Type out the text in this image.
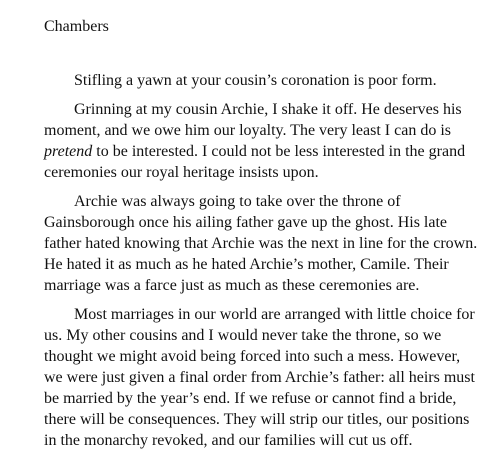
Chambers

Stifling a yawn at your cousin’s coronation is poor form.

Grinning at my cousin Archie, I shake it off. He deserves his moment, and we owe him our loyalty. The very least I can do is pretend to be interested. I could not be less interested in the grand ceremonies our royal heritage insists upon.

Archie was always going to take over the throne of Gainsborough once his ailing father gave up the ghost. His late father hated knowing that Archie was the next in line for the crown. He hated it as much as he hated Archie’s mother, Camile. Their marriage was a farce just as much as these ceremonies are.

Most marriages in our world are arranged with little choice for us. My other cousins and I would never take the throne, so we thought we might avoid being forced into such a mess. However, we were just given a final order from Archie’s father: all heirs must be married by the year’s end. If we refuse or cannot find a bride, there will be consequences. They will strip our titles, our positions in the monarchy revoked, and our families will cut us off.
